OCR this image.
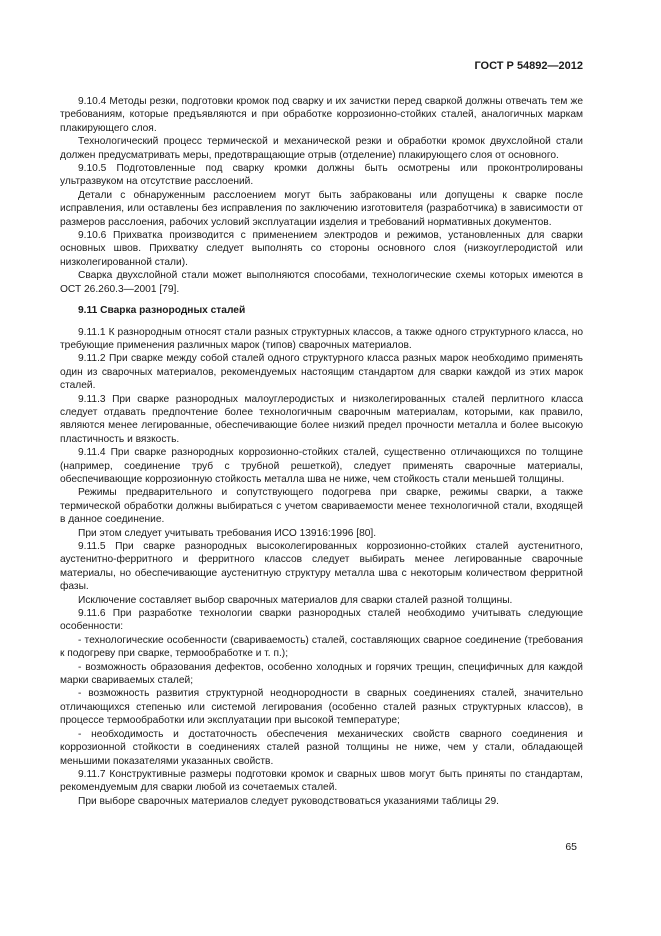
ГОСТ Р 54892—2012

9.10.4 Методы резки, подготовки кромок под сварку и их зачистки перед сваркой должны отвечать тем же требованиям, которые предъявляются и при обработке коррозионно-стойких сталей, аналогичных маркам плакирующего слоя.

Технологический процесс термической и механической резки и обработки кромок двухслойной стали должен предусматривать меры, предотвращающие отрыв (отделение) плакирующего слоя от основного.

9.10.5 Подготовленные под сварку кромки должны быть осмотрены или проконтролированы ультразвуком на отсутствие расслоений.

Детали с обнаруженным расслоением могут быть забракованы или допущены к сварке после исправления, или оставлены без исправления по заключению изготовителя (разработчика) в зависимости от размеров расслоения, рабочих условий эксплуатации изделия и требований нормативных документов.

9.10.6 Прихватка производится с применением электродов и режимов, установленных для сварки основных швов. Прихватку следует выполнять со стороны основного слоя (низкоуглеродистой или низколегированной стали).

Сварка двухслойной стали может выполняются способами, технологические схемы которых имеются в ОСТ 26.260.3—2001 [79].

9.11 Сварка разнородных сталей

9.11.1 К разнородным относят стали разных структурных классов, а также одного структурного класса, но требующие применения различных марок (типов) сварочных материалов.

9.11.2 При сварке между собой сталей одного структурного класса разных марок необходимо применять один из сварочных материалов, рекомендуемых настоящим стандартом для сварки каждой из этих марок сталей.

9.11.3 При сварке разнородных малоуглеродистых и низколегированных сталей перлитного класса следует отдавать предпочтение более технологичным сварочным материалам, которыми, как правило, являются менее легированные, обеспечивающие более низкий предел прочности металла и более высокую пластичность и вязкость.

9.11.4 При сварке разнородных коррозионно-стойких сталей, существенно отличающихся по толщине (например, соединение труб с трубной решеткой), следует применять сварочные материалы, обеспечивающие коррозионную стойкость металла шва не ниже, чем стойкость стали меньшей толщины.

Режимы предварительного и сопутствующего подогрева при сварке, режимы сварки, а также термической обработки должны выбираться с учетом свариваемости менее технологичной стали, входящей в данное соединение.

При этом следует учитывать требования ИСО 13916:1996 [80].

9.11.5 При сварке разнородных высоколегированных коррозионно-стойких сталей аустенитного, аустенитно-ферритного и ферритного классов следует выбирать менее легированные сварочные материалы, но обеспечивающие аустенитную структуру металла шва с некоторым количеством ферритной фазы.

Исключение составляет выбор сварочных материалов для сварки сталей разной толщины.

9.11.6 При разработке технологии сварки разнородных сталей необходимо учитывать следующие особенности:

- технологические особенности (свариваемость) сталей, составляющих сварное соединение (требования к подогреву при сварке, термообработке и т. п.);

- возможность образования дефектов, особенно холодных и горячих трещин, специфичных для каждой марки свариваемых сталей;

- возможность развития структурной неоднородности в сварных соединениях сталей, значительно отличающихся степенью или системой легирования (особенно сталей разных структурных классов), в процессе термообработки или эксплуатации при высокой температуре;

- необходимость и достаточность обеспечения механических свойств сварного соединения и коррозионной стойкости в соединениях сталей разной толщины не ниже, чем у стали, обладающей меньшими показателями указанных свойств.

9.11.7 Конструктивные размеры подготовки кромок и сварных швов могут быть приняты по стандартам, рекомендуемым для сварки любой из сочетаемых сталей.

При выборе сварочных материалов следует руководствоваться указаниями таблицы 29.

65
